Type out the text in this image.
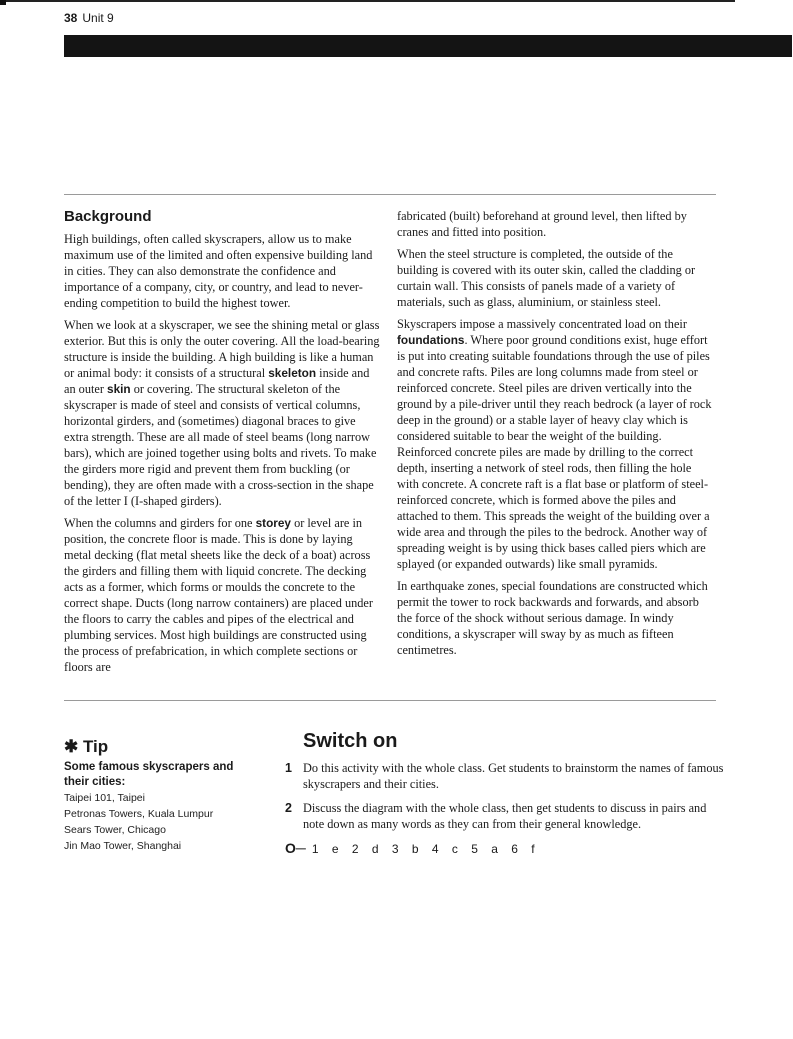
38 Unit 9
Background

High buildings, often called skyscrapers, allow us to make maximum use of the limited and often expensive building land in cities. They can also demonstrate the confidence and importance of a company, city, or country, and lead to never-ending competition to build the highest tower.

When we look at a skyscraper, we see the shining metal or glass exterior. But this is only the outer covering. All the load-bearing structure is inside the building. A high building is like a human or animal body: it consists of a structural skeleton inside and an outer skin or covering. The structural skeleton of the skyscraper is made of steel and consists of vertical columns, horizontal girders, and (sometimes) diagonal braces to give extra strength. These are all made of steel beams (long narrow bars), which are joined together using bolts and rivets. To make the girders more rigid and prevent them from buckling (or bending), they are often made with a cross-section in the shape of the letter I (I-shaped girders).

When the columns and girders for one storey or level are in position, the concrete floor is made. This is done by laying metal decking (flat metal sheets like the deck of a boat) across the girders and filling them with liquid concrete. The decking acts as a former, which forms or moulds the concrete to the correct shape. Ducts (long narrow containers) are placed under the floors to carry the cables and pipes of the electrical and plumbing services. Most high buildings are constructed using the process of prefabrication, in which complete sections or floors are

fabricated (built) beforehand at ground level, then lifted by cranes and fitted into position.

When the steel structure is completed, the outside of the building is covered with its outer skin, called the cladding or curtain wall. This consists of panels made of a variety of materials, such as glass, aluminium, or stainless steel.

Skyscrapers impose a massively concentrated load on their foundations. Where poor ground conditions exist, huge effort is put into creating suitable foundations through the use of piles and concrete rafts. Piles are long columns made from steel or reinforced concrete. Steel piles are driven vertically into the ground by a pile-driver until they reach bedrock (a layer of rock deep in the ground) or a stable layer of heavy clay which is considered suitable to bear the weight of the building. Reinforced concrete piles are made by drilling to the correct depth, inserting a network of steel rods, then filling the hole with concrete. A concrete raft is a flat base or platform of steel-reinforced concrete, which is formed above the piles and attached to them. This spreads the weight of the building over a wide area and through the piles to the bedrock. Another way of spreading weight is by using thick bases called piers which are splayed (or expanded outwards) like small pyramids.

In earthquake zones, special foundations are constructed which permit the tower to rock backwards and forwards, and absorb the force of the shock without serious damage. In windy conditions, a skyscraper will sway by as much as fifteen centimetres.

✱ Tip
Some famous skyscrapers and their cities:
Taipei 101, Taipei
Petronas Towers, Kuala Lumpur
Sears Tower, Chicago
Jin Mao Tower, Shanghai
Switch on
1 Do this activity with the whole class. Get students to brainstorm the names of famous skyscrapers and their cities.
2 Discuss the diagram with the whole class, then get students to discuss in pairs and note down as many words as they can from their general knowledge.
O─ 1 e 2 d 3 b 4 c 5 a 6 f
